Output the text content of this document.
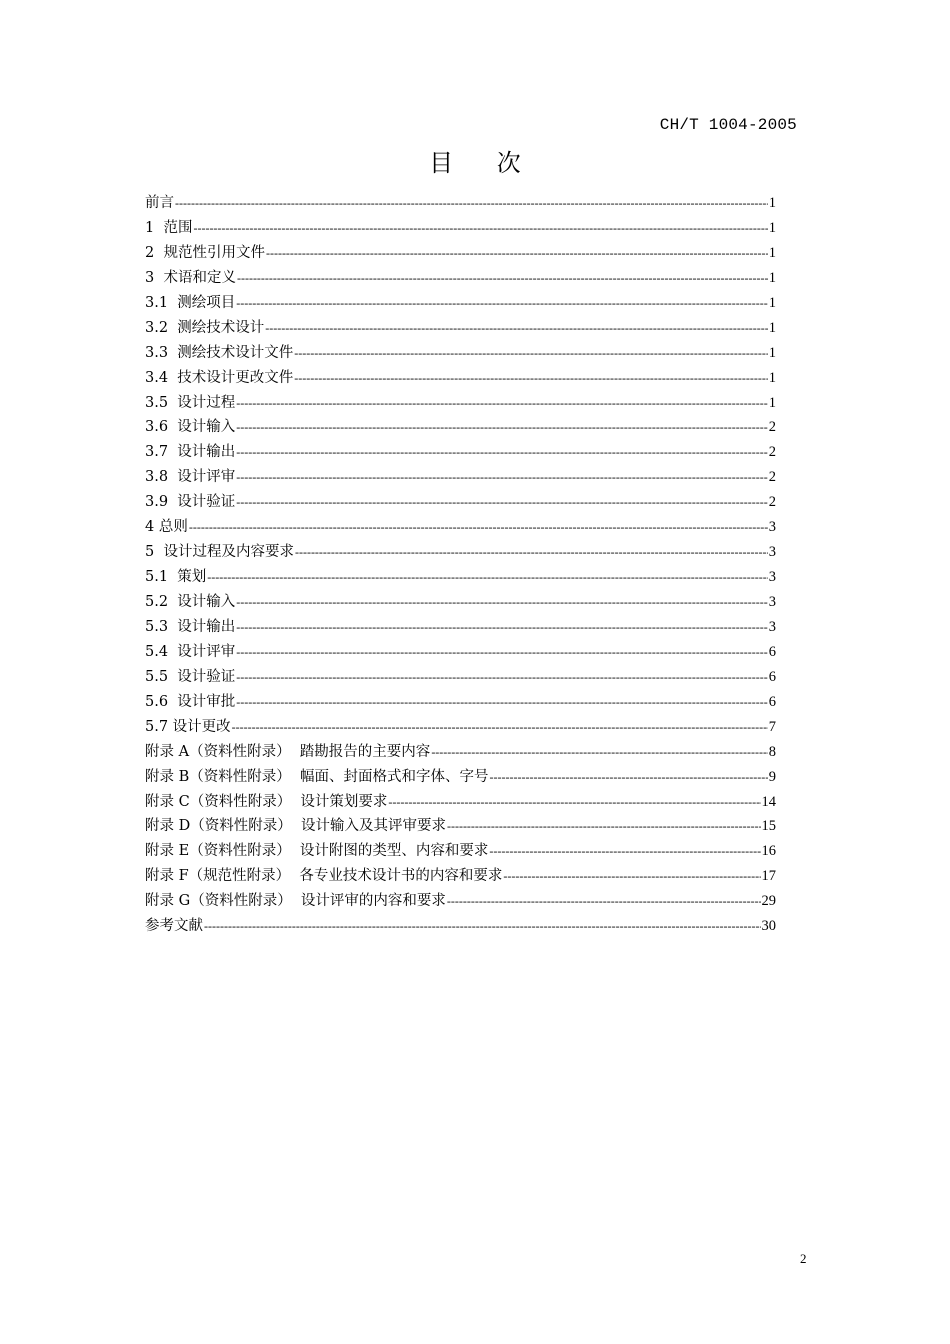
CH/T 1004-2005
目 次
前言 -----	1
1  范围 -----	1
2  规范性引用文件 -----	1
3  术语和定义 -----	1
3.1  测绘项目 -----	1
3.2  测绘技术设计 -----	1
3.3  测绘技术设计文件 -----	1
3.4  技术设计更改文件 -----	1
3.5  设计过程 -----	1
3.6  设计输入 -----	2
3.7  设计输出 -----	2
3.8  设计评审 -----	2
3.9  设计验证 -----	2
4 总则 -----	3
5  设计过程及内容要求 -----	3
5.1  策划 -----	3
5.2  设计输入 -----	3
5.3  设计输出 -----	3
5.4  设计评审 -----	6
5.5  设计验证 -----	6
5.6  设计审批 -----	6
5.7 设计更改 -----	7
附录 A（资料性附录）  踏勘报告的主要内容 -----	8
附录 B（资料性附录）  幅面、封面格式和字体、字号 -----	9
附录 C（资料性附录）  设计策划要求 -----	14
附录 D（资料性附录）  设计输入及其评审要求 -----	15
附录 E（资料性附录）  设计附图的类型、内容和要求 -----	16
附录 F（规范性附录）  各专业技术设计书的内容和要求 -----	17
附录 G（资料性附录）  设计评审的内容和要求 -----	29
参考文献 -----	30
2
